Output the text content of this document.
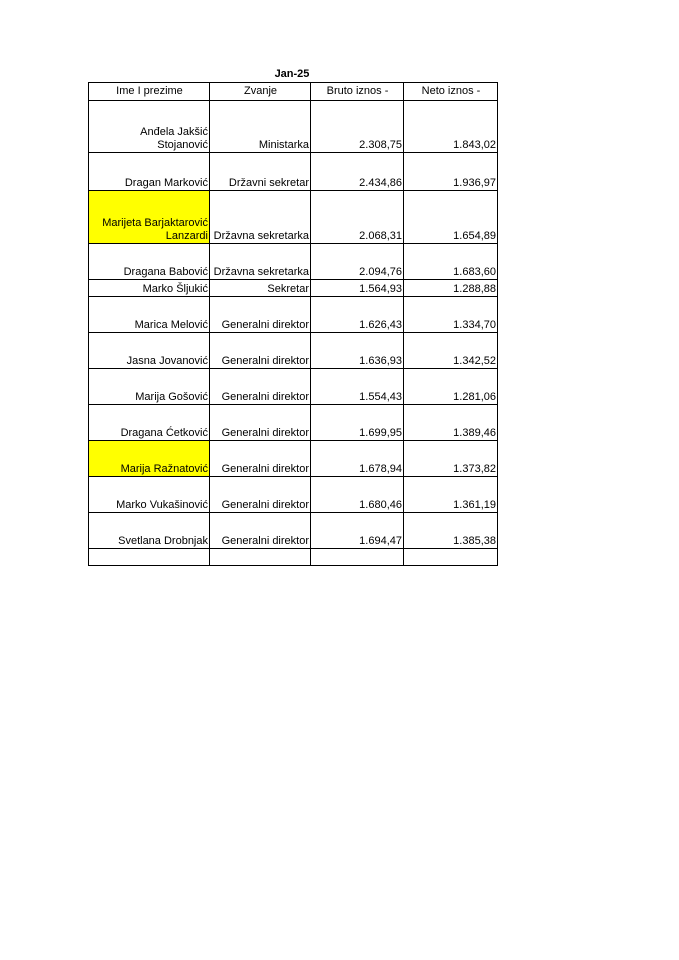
Jan-25
Ime I prezime	Zvanje	Bruto iznos -	Neto iznos -
Anđela Jakšić Stojanović	Ministarka	2.308,75	1.843,02
Dragan Marković	Državni sekretar	2.434,86	1.936,97
Marijeta Barjaktarović Lanzardi	Državna sekretarka	2.068,31	1.654,89
Dragana Babović	Državna sekretarka	2.094,76	1.683,60
Marko Šljukić	Sekretar	1.564,93	1.288,88
Marica Melović	Generalni direktor	1.626,43	1.334,70
Jasna Jovanović	Generalni direktor	1.636,93	1.342,52
Marija Gošović	Generalni direktor	1.554,43	1.281,06
Dragana Ćetković	Generalni direktor	1.699,95	1.389,46
Marija Ražnatović	Generalni direktor	1.678,94	1.373,82
Marko Vukašinović	Generalni direktor	1.680,46	1.361,19
Svetlana Drobnjak	Generalni direktor	1.694,47	1.385,38
